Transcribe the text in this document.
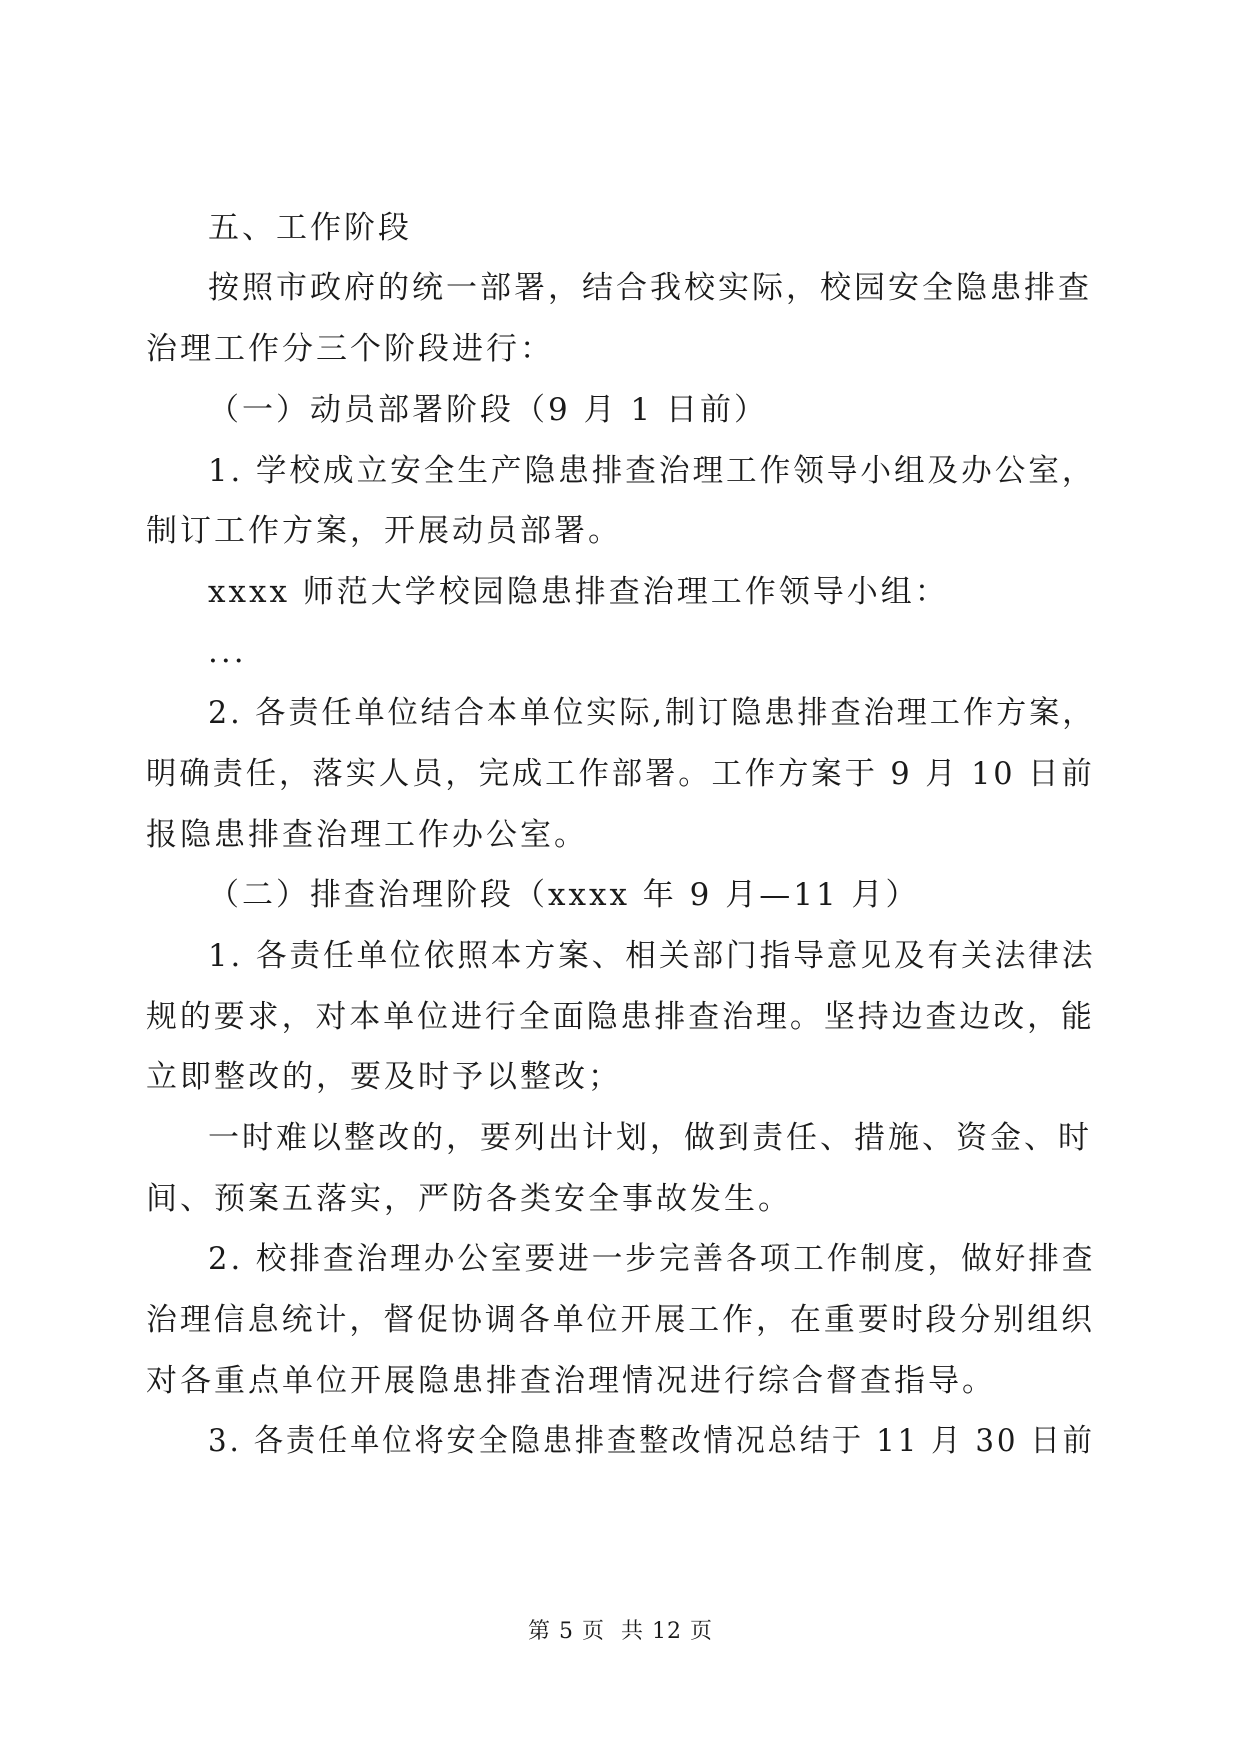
五、工作阶段
按照市政府的统一部署，结合我校实际，校园安全隐患排查
治理工作分三个阶段进行：
（一）动员部署阶段（9 月 1 日前）
1. 学校成立安全生产隐患排查治理工作领导小组及办公室，
制订工作方案，开展动员部署。
xxxx 师范大学校园隐患排查治理工作领导小组：
...
2. 各责任单位结合本单位实际,制订隐患排查治理工作方案，
明确责任，落实人员，完成工作部署。工作方案于 9 月 10 日前
报隐患排查治理工作办公室。
（二）排查治理阶段（xxxx 年 9 月—11 月）
1. 各责任单位依照本方案、相关部门指导意见及有关法律法
规的要求，对本单位进行全面隐患排查治理。坚持边查边改，能
立即整改的，要及时予以整改；
一时难以整改的，要列出计划，做到责任、措施、资金、时
间、预案五落实，严防各类安全事故发生。
2. 校排查治理办公室要进一步完善各项工作制度，做好排查
治理信息统计，督促协调各单位开展工作，在重要时段分别组织
对各重点单位开展隐患排查治理情况进行综合督查指导。
3. 各责任单位将安全隐患排查整改情况总结于 11 月 30 日前
第 5 页  共 12 页
